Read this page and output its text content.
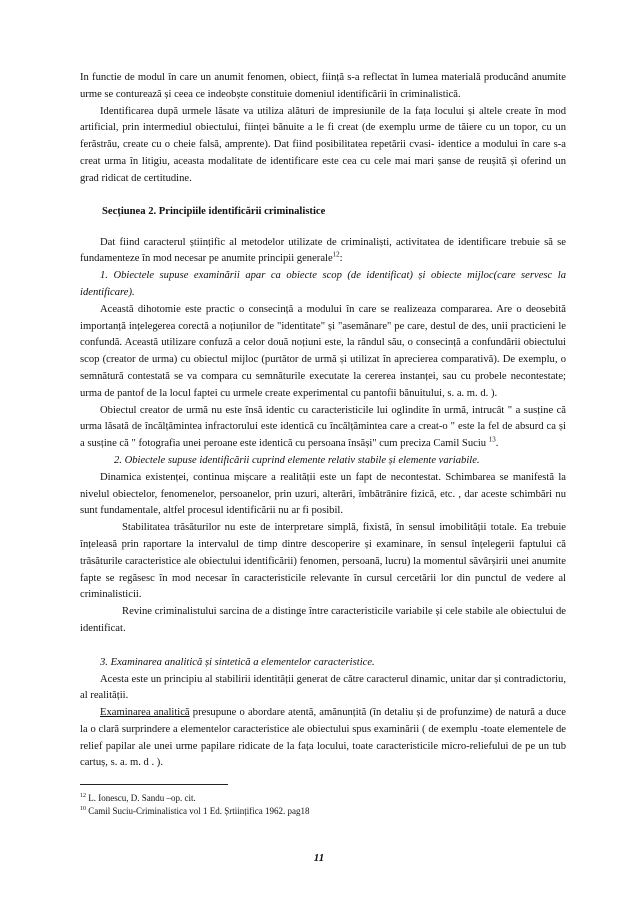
In functie de modul în care un anumit fenomen, obiect, ființă s-a reflectat în lumea materială producând anumite urme se contureazã și ceea ce indeobște constituie domeniul identificării în criminalistică.

Identificarea după urmele lăsate va utiliza alături de impresiunile de la fața locului și altele create în mod artificial, prin intermediul obiectului, ființei bănuite a le fi creat (de exemplu urme de tăiere cu un topor, cu un ferăstrău, create cu o cheie falsă, amprente). Dat fiind posibilitatea repetării cvasi- identice a modului în care s-a creat urma în litigiu, aceasta modalitate de identificare este cea cu cele mai mari șanse de reușită și oferind un grad ridicat de certitudine.

Secțiunea 2. Principiile identificării criminalistice

Dat fiind caracterul științific al metodelor utilizate de criminaliști, activitatea de identificare trebuie să se fundamenteze în mod necesar pe anumite principii generale$^{12}$:

1. Obiectele supuse examinării apar ca obiecte scop (de identificat) și obiecte mijloc(care servesc la identificare).

Această dihotomie este practic o consecință a modului în care se realizeaza compararea. Are o deosebită importanță ințelegerea corectă a noțiunilor de "identitate" și "asemănare" pe care, destul de des, unii practicieni le confundă. Această utilizare confuză a celor două noțiuni este, la rândul său, o consecință a confundării obiectului scop (creator de urma) cu obiectul mijloc (purtător de urmă și utilizat în aprecierea comparativă). De exemplu, o semnătură contestată se va compara cu semnăturile executate la cererea instanței, sau cu probele necontestate; urma de pantof de la locul faptei cu urmele create experimental cu pantofii bănuitului, s. a. m. d. ).

Obiectul creator de urmă nu este însă identic cu caracteristicile lui oglindite în urmă, intrucât " a susține că urma lăsată de încălțămintea infractorului este identică cu încălțămintea care a creat-o " este la fel de absurd ca și a susține că " fotografia unei peroane este identică cu persoana însăși" cum preciza Camil Suciu $^{13}$.

2. Obiectele supuse identificării cuprind elemente relativ stabile și elemente variabile.

Dinamica existenței, continua mișcare a realității este un fapt de necontestat. Schimbarea se manifestă la nivelul obiectelor, fenomenelor, persoanelor, prin uzuri, alterări, îmbătrânire fizică, etc. , dar aceste schimbări nu sunt fundamentale, altfel procesul identificării nu ar fi posibil.

Stabilitatea trăsăturilor nu este de interpretare simplă, fixistă, în sensul imobilității totale. Ea trebuie înțeleasă prin raportare la intervalul de timp dintre descoperire și examinare, în sensul înțelegerii faptului că trăsăturile caracteristice ale obiectului identificării) fenomen, persoană, lucru) la momentul săvârșirii unei anumite fapte se regăsesc în mod necesar în caracteristicile relevante în cursul cercetării lor din punctul de vedere al criminalisticii.

Revine criminalistului sarcina de a distinge între caracteristicile variabile și cele stabile ale obiectului de identificat.

3. Examinarea analitică și sintetică a elementelor caracteristice.

Acesta este un principiu al stabilirii identității generat de către caracterul dinamic, unitar dar și contradictoriu, al realității.

Examinarea analitică presupune o abordare atentă, amănunțită (în detaliu și de profunzime) de natură a duce la o clară surprindere a elementelor caracteristice ale obiectului spus examinării ( de exemplu -toate elementele de relief papilar ale unei urme papilare ridicate de la fața locului, toate caracteristicile micro-reliefului de pe un tub cartuș, s. a. m. d . ).

$^{12}$ L. Ionescu, D. Sandu –op. cit.
$^{10}$ Camil Suciu-Criminalistica vol 1 Ed. Șrtiințifica 1962. pag18
11
